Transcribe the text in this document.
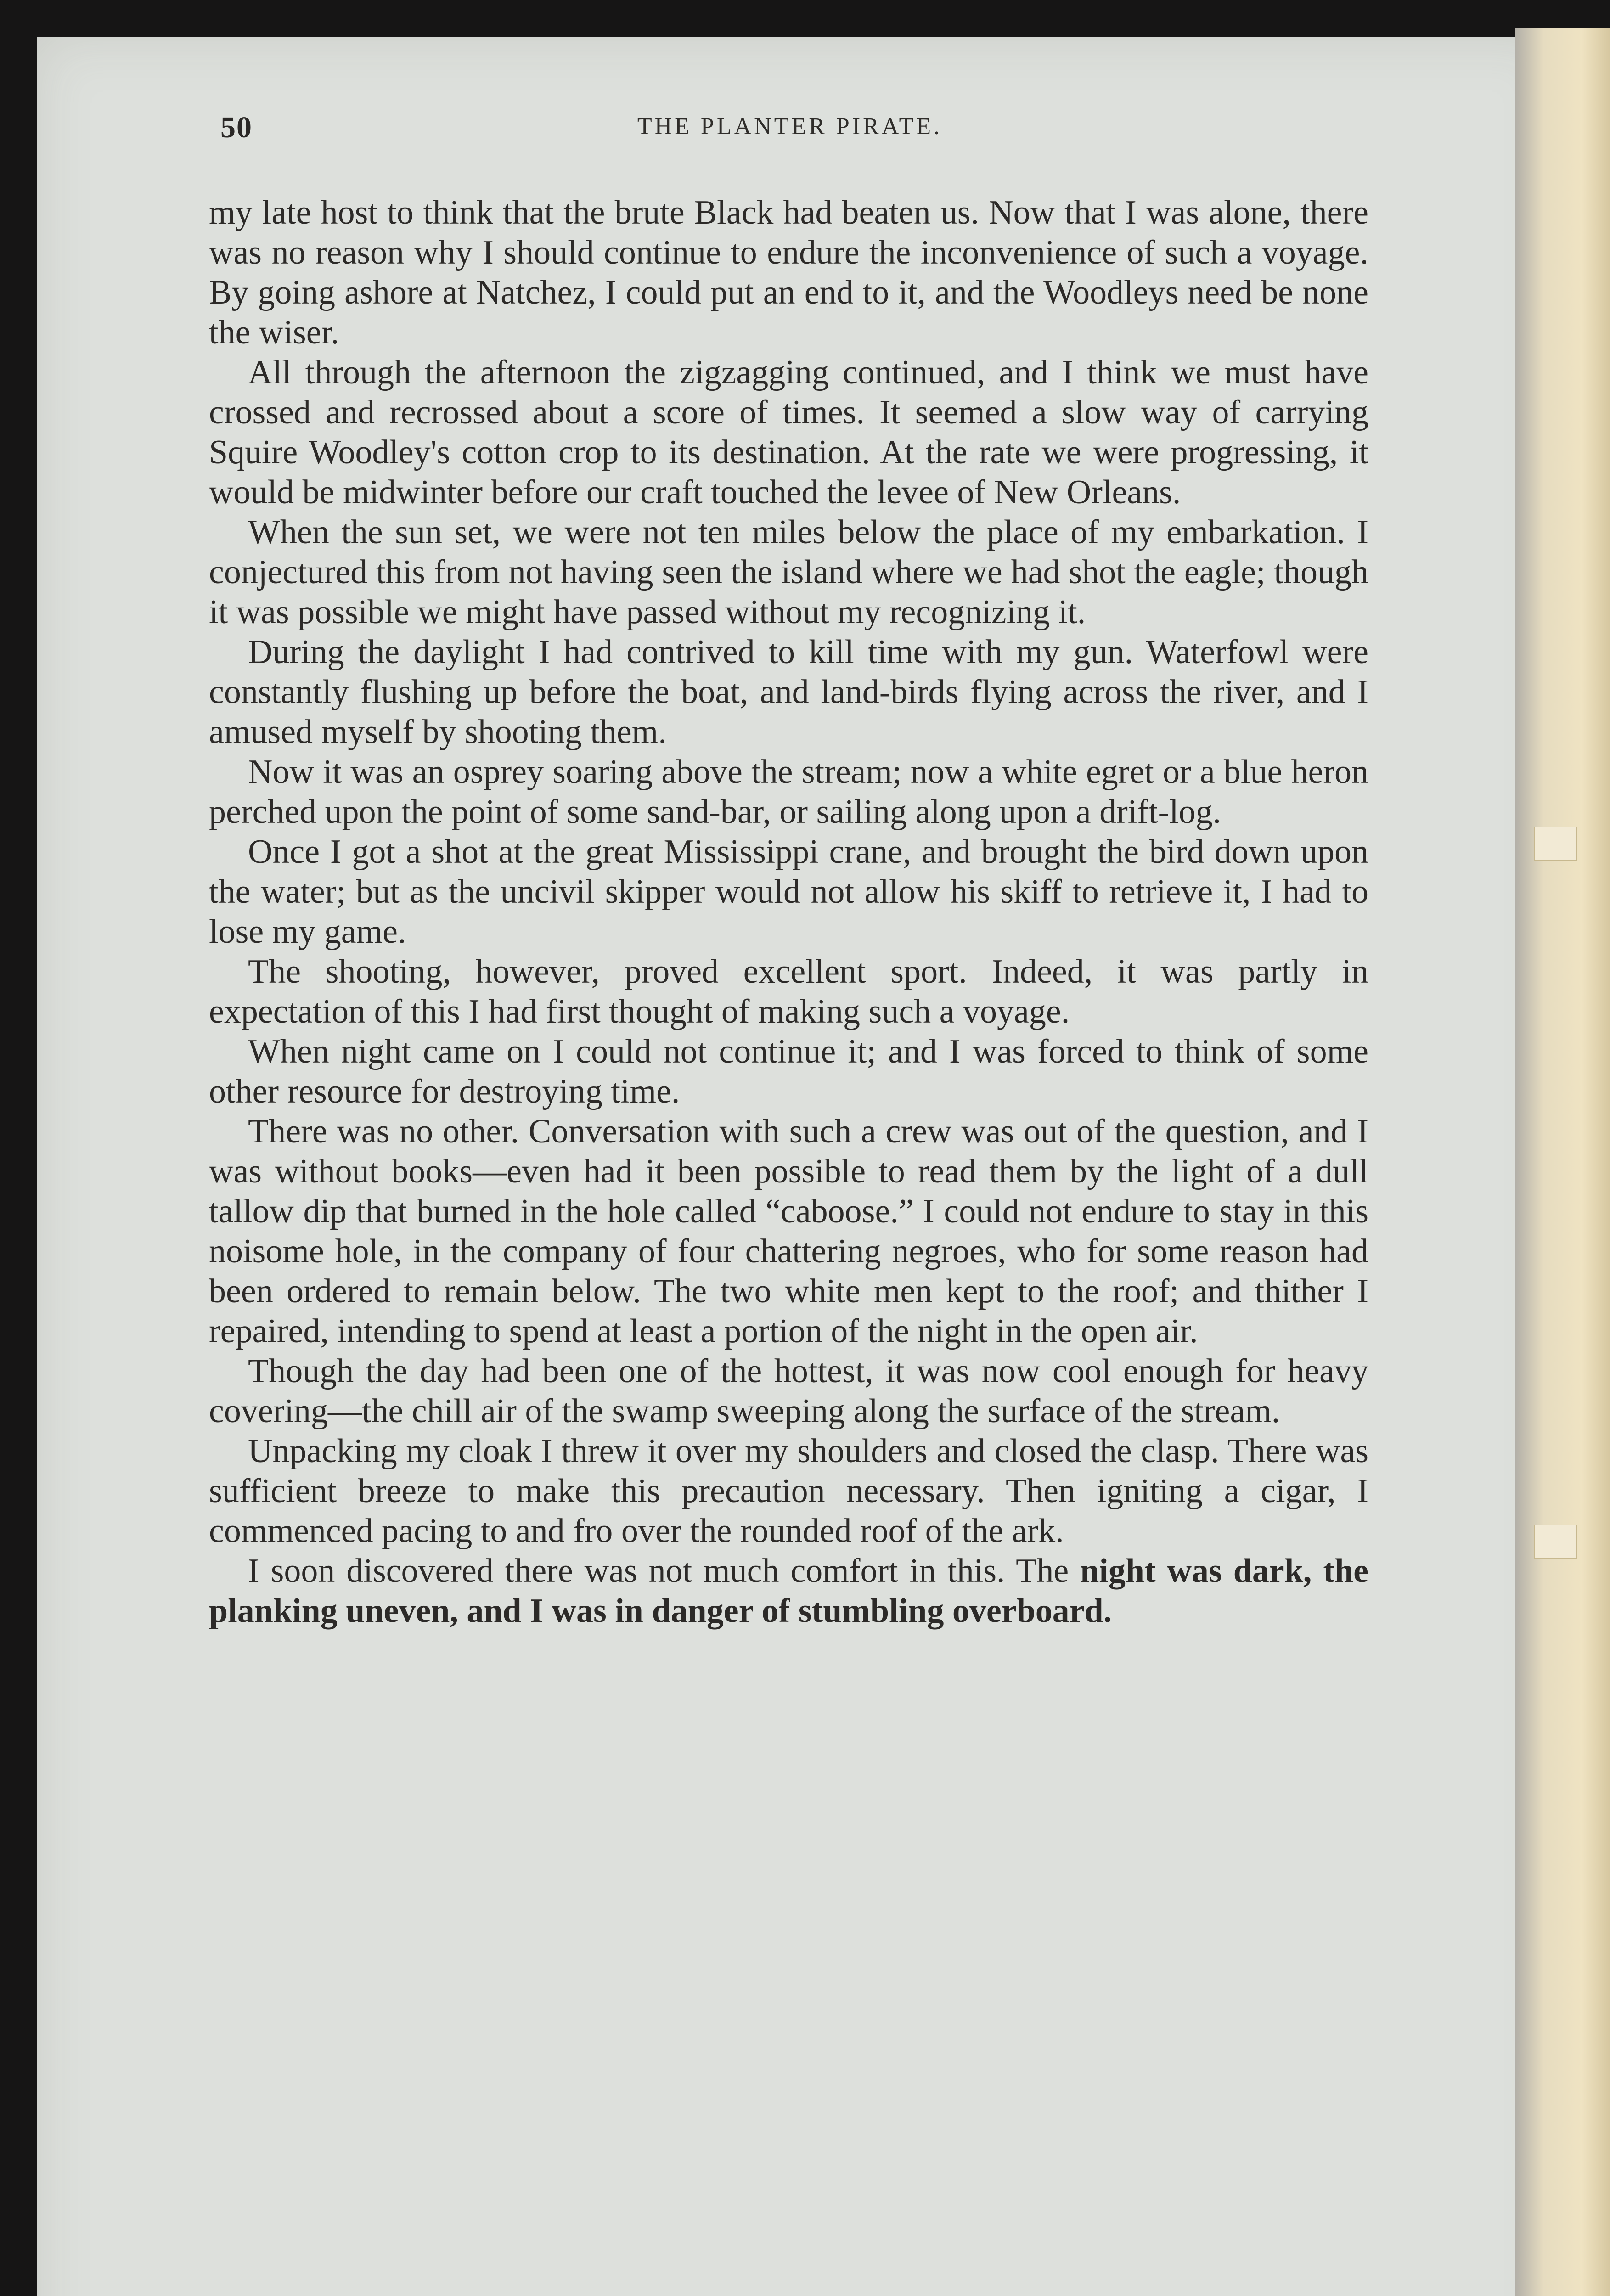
50	THE PLANTER PIRATE.

my late host to think that the brute Black had beaten us. Now that I was alone, there was no reason why I should continue to endure the inconvenience of such a voyage. By going ashore at Natchez, I could put an end to it, and the Woodleys need be none the wiser.

All through the afternoon the zigzagging continued, and I think we must have crossed and recrossed about a score of times. It seemed a slow way of carrying Squire Woodley's cotton crop to its destination. At the rate we were progressing, it would be midwinter before our craft touched the levee of New Orleans.

When the sun set, we were not ten miles below the place of my embarkation. I conjectured this from not having seen the island where we had shot the eagle; though it was possible we might have passed without my recognizing it.

During the daylight I had contrived to kill time with my gun. Waterfowl were constantly flushing up before the boat, and land-birds flying across the river, and I amused myself by shooting them.

Now it was an osprey soaring above the stream; now a white egret or a blue heron perched upon the point of some sand-bar, or sailing along upon a drift-log.

Once I got a shot at the great Mississippi crane, and brought the bird down upon the water; but as the uncivil skipper would not allow his skiff to retrieve it, I had to lose my game.

The shooting, however, proved excellent sport. Indeed, it was partly in expectation of this I had first thought of making such a voyage.

When night came on I could not continue it; and I was forced to think of some other resource for destroying time.

There was no other. Conversation with such a crew was out of the question, and I was without books—even had it been possible to read them by the light of a dull tallow dip that burned in the hole called “caboose.” I could not endure to stay in this noisome hole, in the company of four chattering negroes, who for some reason had been ordered to remain below. The two white men kept to the roof; and thither I repaired, intending to spend at least a portion of the night in the open air.

Though the day had been one of the hottest, it was now cool enough for heavy covering—the chill air of the swamp sweeping along the surface of the stream.

Unpacking my cloak I threw it over my shoulders and closed the clasp. There was sufficient breeze to make this precaution necessary. Then igniting a cigar, I commenced pacing to and fro over the rounded roof of the ark.

I soon discovered there was not much comfort in this. The night was dark, the planking uneven, and I was in danger of stumbling overboard.
